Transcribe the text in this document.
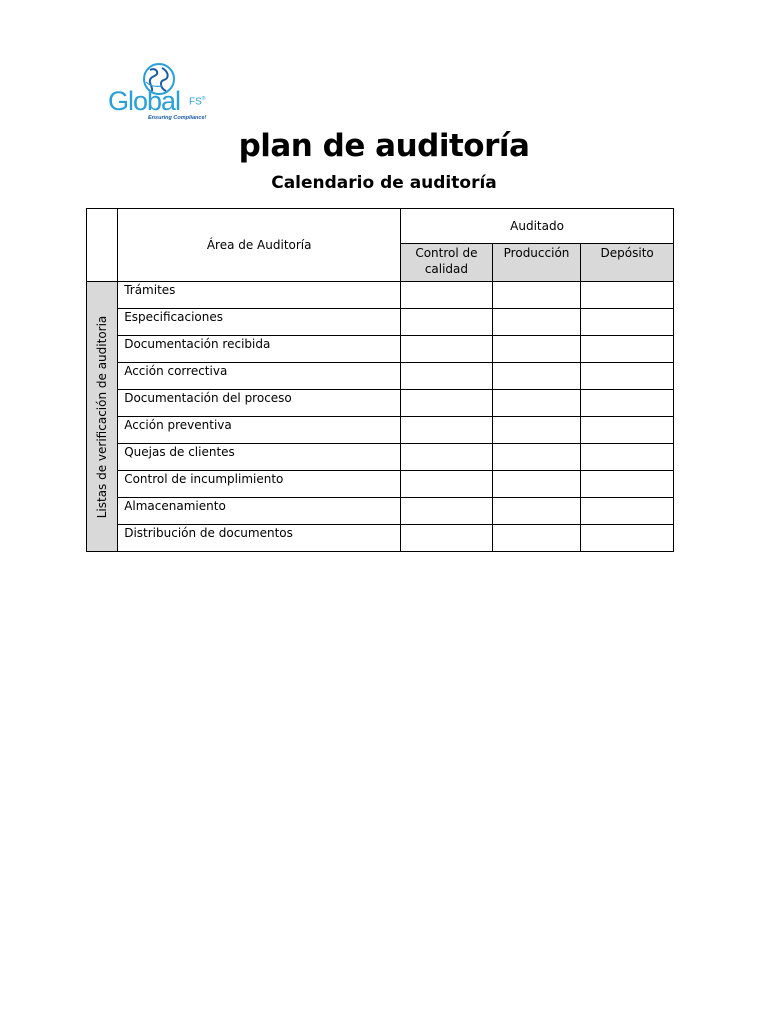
Global FS®
Ensuring Compliance!
plan de auditoría
Calendario de auditoría
	Área de Auditoría	Auditado		
		Control de calidad	Producción	Depósito

Listas de verificación de auditoria	Trámites			
	Especificaciones			
	Documentación recibida			
	Acción correctiva			
	Documentación del proceso			
	Acción preventiva			
	Quejas de clientes			
	Control de incumplimiento			
	Almacenamiento			
	Distribución de documentos			
